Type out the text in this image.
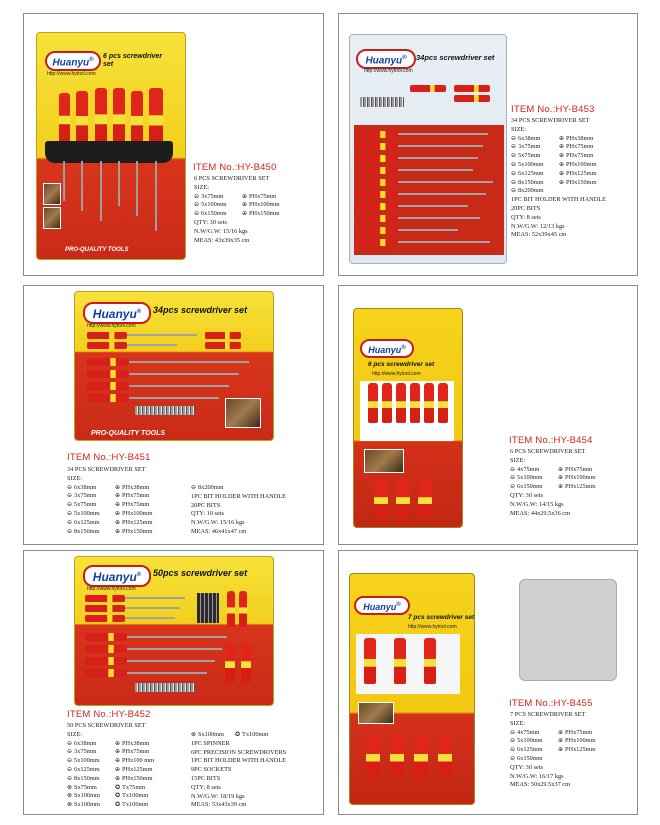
Huanyu®	6 pcs screwdriver set
http://www.hytool.com
PRO-QUALITY TOOLS
ITEM No.:HY-B450
6 PCS SCREWDRIVER SET
SIZE:
⊖ 3x75mm	⊕ PHx75mm
⊖ 5x100mm	⊕ PHx100mm
⊖ 6x150mm	⊕ PHx150mm
QTY: 30 sets
N.W/G.W: 15/16 kgs
MEAS: 43x39x35 cm
Huanyu®	34pcs screwdriver set
http://www.hytool.com
ITEM No.:HY-B453
34 PCS SCREWDRIVER SET
SIZE:
⊖ 6x38mm	⊕ PHx38mm
⊖ 3x75mm	⊕ PHx75mm
⊖ 5x75mm	⊕ PHx75mm
⊖ 5x100mm	⊕ PHx100mm
⊖ 6x125mm	⊕ PHx125mm
⊖ 8x150mm	⊕ PHx150mm
⊖ 8x200mm
1PC BIT HOLDER WITH HANDLE
20PC BITS
QTY: 8 sets
N.W/G.W: 12/13 kgs
MEAS: 52x39x45 cm
Huanyu®	34pcs screwdriver set
http://www.hytool.com
PRO-QUALITY TOOLS
ITEM No.:HY-B451
34 PCS SCREWDRIVER SET
SIZE:
⊖ 6x38mm	⊕ PHx38mm
⊖ 3x75mm	⊕ PHx75mm
⊖ 5x75mm	⊕ PHx75mm
⊖ 5x100mm	⊕ PHx100mm
⊖ 6x125mm	⊕ PHx125mm
⊖ 8x150mm	⊕ PHx150mm
⊖ 8x200mm
1PC BIT HOLDER WITH HANDLE
20PC BITS
QTY: 10 sets
N.W/G.W: 15/16 kgs
MEAS: 46x41x47 cm
Huanyu®
6 pcs screwdriver set
http://www.hytool.com
ITEM No.:HY-B454
6 PCS SCREWDRIVER SET
SIZE:
⊖ 4x75mm	⊕ PHx75mm
⊖ 5x100mm	⊕ PHx100mm
⊖ 6x150mm	⊕ PHx125mm
QTY: 30 sets
N.W/G.W: 14/15 kgs
MEAS: 44x29.5x36 cm
Huanyu®	50pcs screwdriver set
http://www.hytool.com
ITEM No.:HY-B452
50 PCS SCREWDRIVER SET
SIZE:
⊖ 6x38mm	⊕ PHx38mm
⊖ 3x75mm	⊕ PHx75mm
⊖ 5x100mm	⊕ PHx100 mm
⊖ 6x125mm	⊕ PHx125mm
⊖ 8x150mm	⊕ PHx150mm
⊗ Sx75mm	✪ Tx75mm
⊗ Sx100mm	✪ Tx100mm
⊗ Sx100mm	✪ Tx100mm
⊗ Sx100mm ✪ Tx100mm
1PC SPINNER
6PC PRECISION SCREWDRIVERS
1PC BIT HOLDER WITH HANDLE
9PC SOCKETS
15PC BITS
QTY: 8 sets
N.W/G.W: 18/19 kgs
MEAS: 53x43x39 cm
Huanyu®
7 pcs screwdriver set
http://www.hytool.com
ITEM No.:HY-B455
7 PCS SCREWDRIVER SET
SIZE:
⊖ 4x75mm	⊕ PHx75mm
⊖ 5x100mm	⊕ PHx100mm
⊖ 6x125mm	⊕ PHx125mm
⊖ 6x150mm
QTY: 30 sets
N.W/G.W: 16/17 kgs
MEAS: 50x29.5x37 cm
